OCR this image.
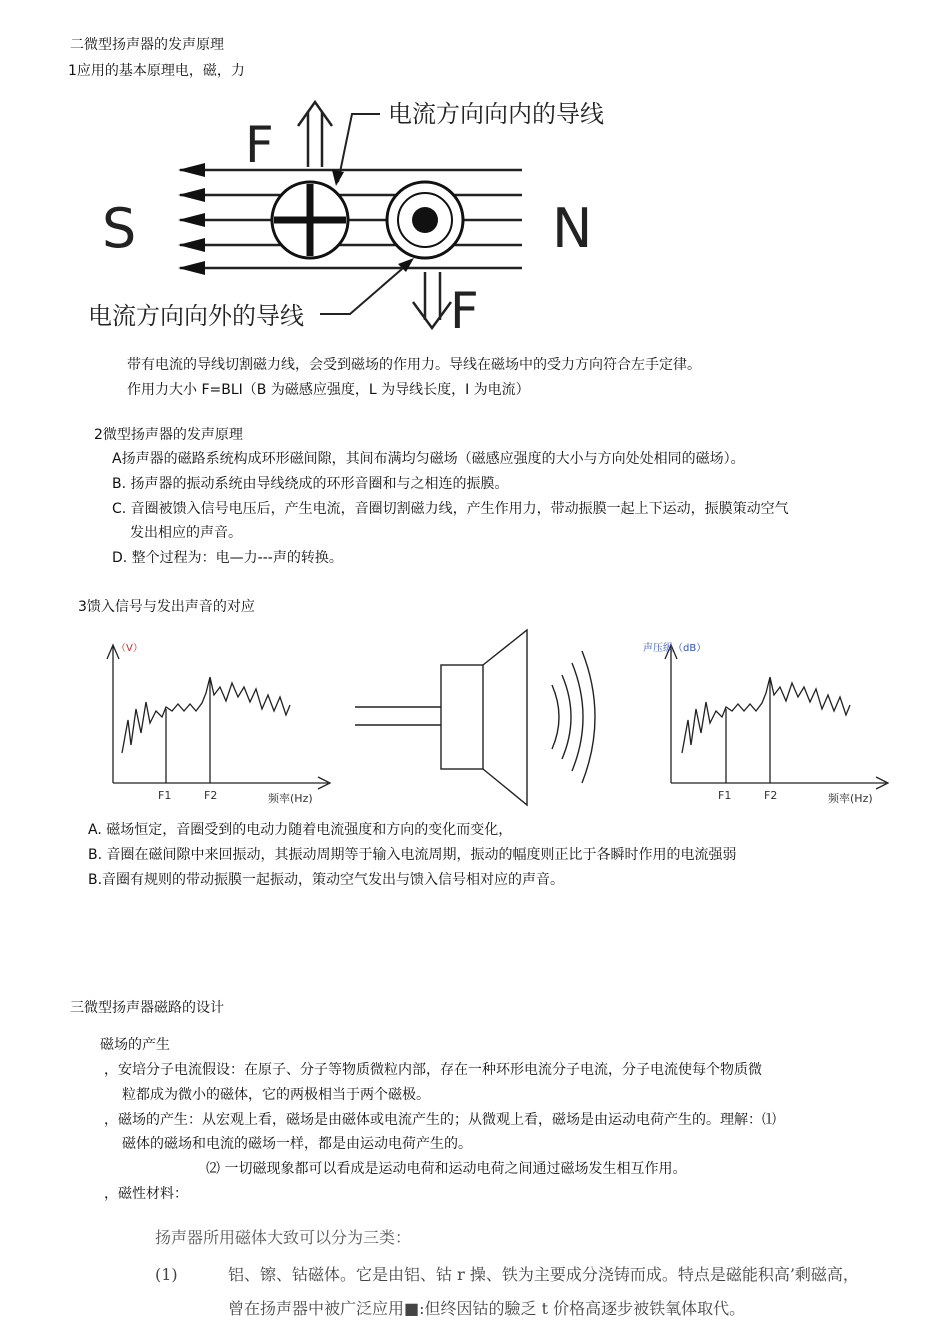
二微型扬声器的发声原理
1应用的基本原理电，磁，力
F
F
S	N
电流方向向内的导线
电流方向向外的导线
带有电流的导线切割磁力线，会受到磁场的作用力。导线在磁场中的受力方向符合左手定律。
作用力大小 F=BLI（B 为磁感应强度，L 为导线长度，I 为电流）
2微型扬声器的发声原理
A扬声器的磁路系统构成环形磁间隙，其间布满均匀磁场（磁感应强度的大小与方向处处相同的磁场）。
B. 扬声器的振动系统由导线绕成的环形音圈和与之相连的振膜。
C. 音圈被馈入信号电压后，产生电流，音圈切割磁力线，产生作用力，带动振膜一起上下运动，振膜策动空气
发出相应的声音。
D. 整个过程为：电—力---声的转换。
3馈入信号与发出声音的对应
（V）
F1	F2	频率(Hz)
声压级（dB）
F1	F2	频率(Hz)
A. 磁场恒定，音圈受到的电动力随着电流强度和方向的变化而变化，
B. 音圈在磁间隙中来回振动，其振动周期等于输入电流周期，振动的幅度则正比于各瞬时作用的电流强弱
B.音圈有规则的带动振膜一起振动，策动空气发出与馈入信号相对应的声音。
三微型扬声器磁路的设计
磁场的产生
，安培分子电流假设：在原子、分子等物质微粒内部，存在一种环形电流分子电流，分子电流使每个物质微
粒都成为微小的磁体，它的两极相当于两个磁极。
，磁场的产生：从宏观上看，磁场是由磁体或电流产生的；从微观上看，磁场是由运动电荷产生的。理解：⑴
磁体的磁场和电流的磁场一样，都是由运动电荷产生的。
⑵ 一切磁现象都可以看成是运动电荷和运动电荷之间通过磁场发生相互作用。
，磁性材料：
扬声器所用磁体大致可以分为三类：
(1)	铝、镲、钴磁体。它是由铝、钴 r 操、铁为主要成分浇铸而成。特点是磁能积高’剩磁高，
曾在扬声器中被广泛应用■:但终因钴的驗乏 t 价格高逐步被铁氧体取代。
